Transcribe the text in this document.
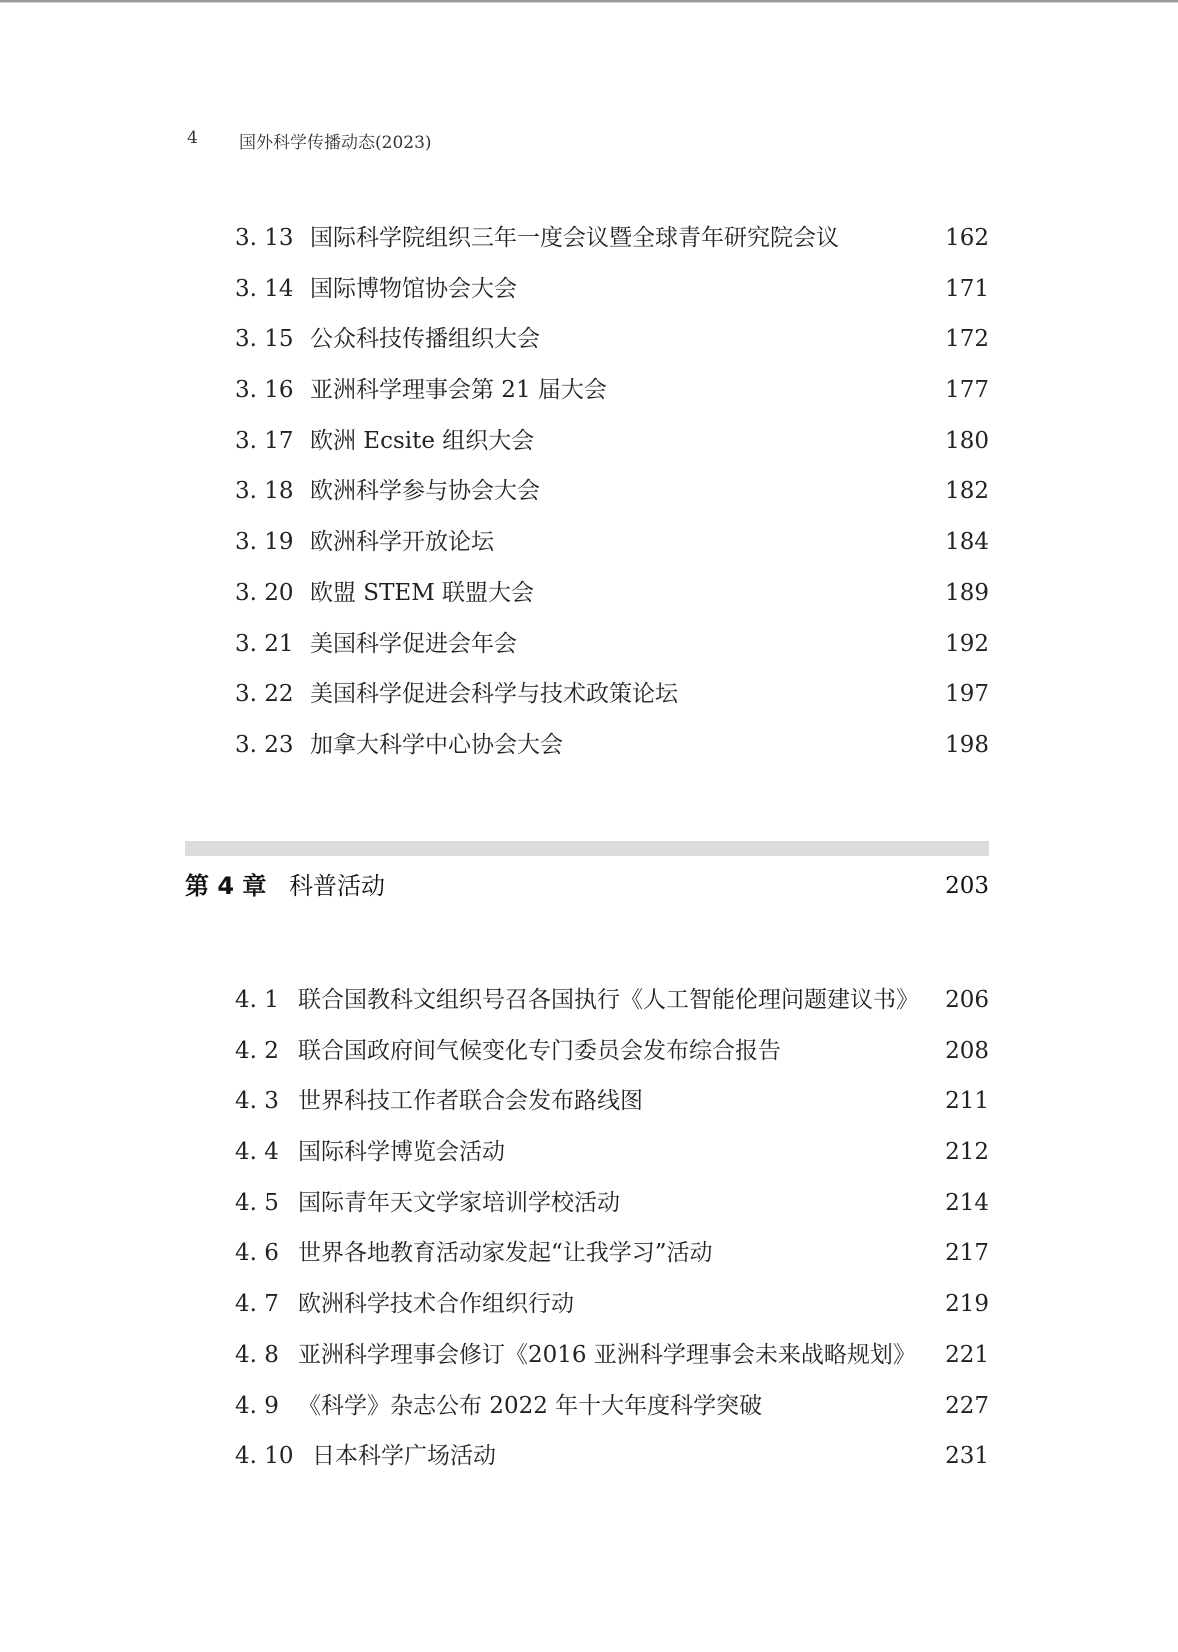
4 国外科学传播动态(2023)
3. 13 国际科学院组织三年一度会议暨全球青年研究院会议	162
3. 14 国际博物馆协会大会	171
3. 15 公众科技传播组织大会	172
3. 16 亚洲科学理事会第 21 届大会	177
3. 17 欧洲 Ecsite 组织大会	180
3. 18 欧洲科学参与协会大会	182
3. 19 欧洲科学开放论坛	184
3. 20 欧盟 STEM 联盟大会	189
3. 21 美国科学促进会年会	192
3. 22 美国科学促进会科学与技术政策论坛	197
3. 23 加拿大科学中心协会大会	198
第 4 章 科普活动	203
4. 1 联合国教科文组织号召各国执行《人工智能伦理问题建议书》 206
4. 2 联合国政府间气候变化专门委员会发布综合报告	208
4. 3 世界科技工作者联合会发布路线图	211
4. 4 国际科学博览会活动	212
4. 5 国际青年天文学家培训学校活动	214
4. 6 世界各地教育活动家发起“让我学习”活动	217
4. 7 欧洲科学技术合作组织行动	219
4. 8 亚洲科学理事会修订《2016 亚洲科学理事会未来战略规划》 221
4. 9 《科学》杂志公布 2022 年十大年度科学突破	227
4. 10 日本科学广场活动	231
